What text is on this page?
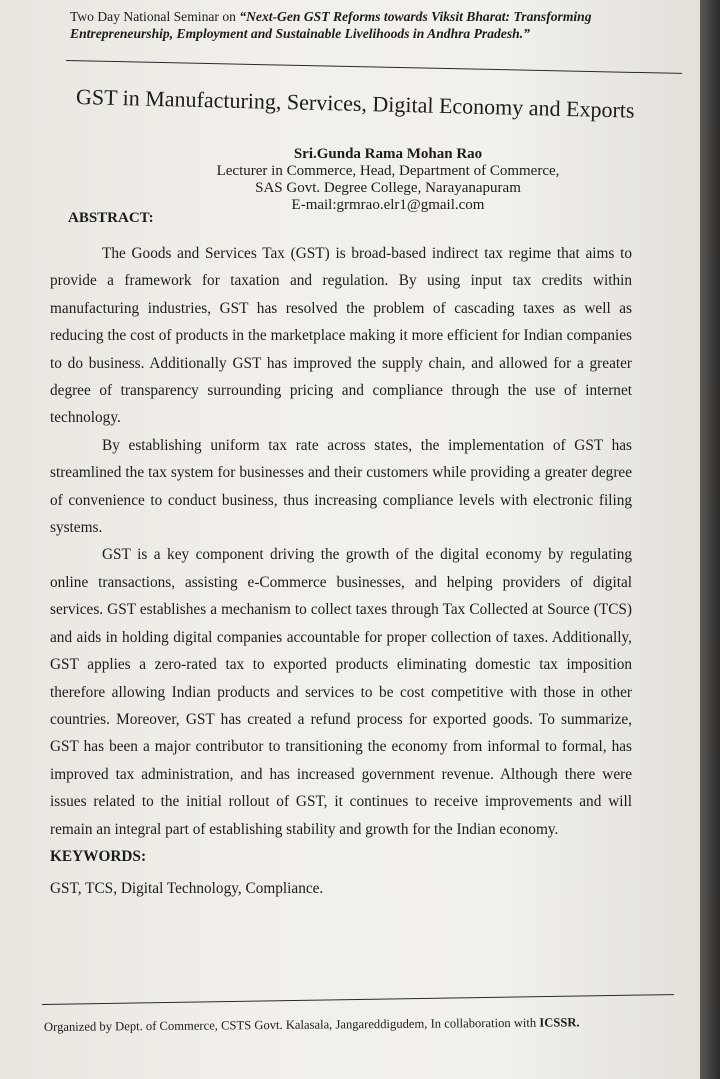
Two Day National Seminar on “Next-Gen GST Reforms towards Viksit Bharat: Transforming
Entrepreneurship, Employment and Sustainable Livelihoods in Andhra Pradesh.”
GST in Manufacturing, Services, Digital Economy and Exports
Sri.Gunda Rama Mohan Rao
Lecturer in Commerce, Head, Department of Commerce,
SAS Govt. Degree College, Narayanapuram
E-mail:grmrao.elr1@gmail.com
ABSTRACT:

The Goods and Services Tax (GST) is broad-based indirect tax regime that aims to provide a framework for taxation and regulation. By using input tax credits within manufacturing industries, GST has resolved the problem of cascading taxes as well as reducing the cost of products in the marketplace making it more efficient for Indian companies to do business. Additionally GST has improved the supply chain, and allowed for a greater degree of transparency surrounding pricing and compliance through the use of internet technology.

By establishing uniform tax rate across states, the implementation of GST has streamlined the tax system for businesses and their customers while providing a greater degree of convenience to conduct business, thus increasing compliance levels with electronic filing systems.

GST is a key component driving the growth of the digital economy by regulating online transactions, assisting e-Commerce businesses, and helping providers of digital services. GST establishes a mechanism to collect taxes through Tax Collected at Source (TCS) and aids in holding digital companies accountable for proper collection of taxes. Additionally, GST applies a zero-rated tax to exported products eliminating domestic tax imposition therefore allowing Indian products and services to be cost competitive with those in other countries. Moreover, GST has created a refund process for exported goods. To summarize, GST has been a major contributor to transitioning the economy from informal to formal, has improved tax administration, and has increased government revenue. Although there were issues related to the initial rollout of GST, it continues to receive improvements and will remain an integral part of establishing stability and growth for the Indian economy.

KEYWORDS:
GST, TCS, Digital Technology, Compliance.
Organized by Dept. of Commerce, CSTS Govt. Kalasala, Jangareddigudem, In collaboration with ICSSR.
